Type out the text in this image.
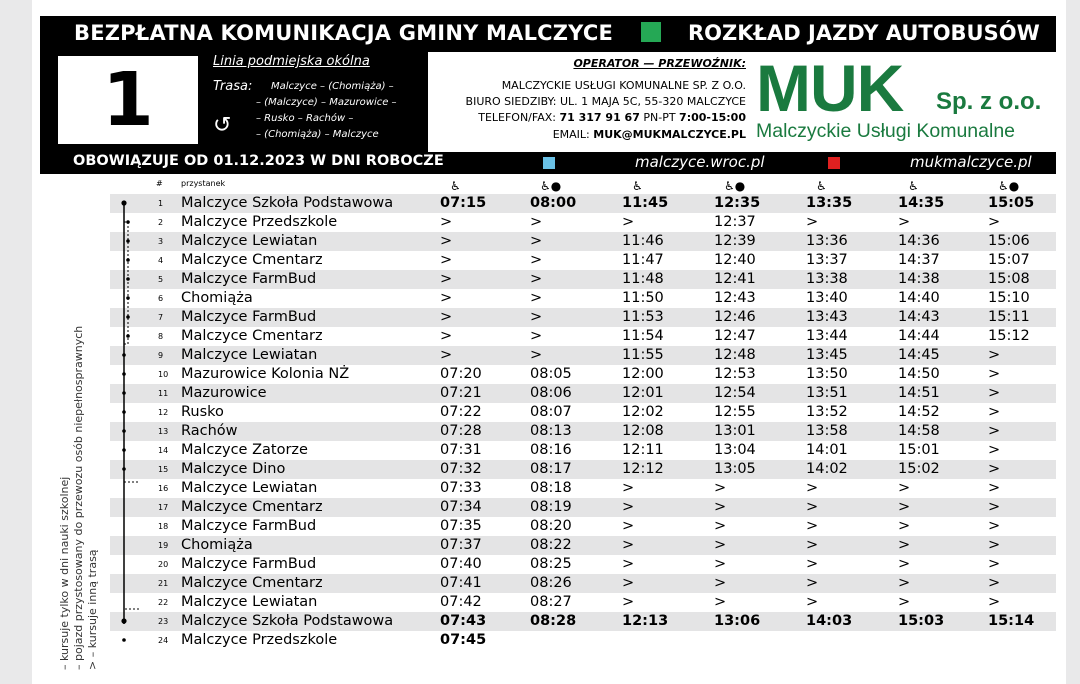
BEZPŁATNA KOMUNIKACJA GMINY MALCZYCE	ROZKŁAD JAZDY AUTOBUSÓW
1	Linia podmiejska okólna
Trasa: Malczyce – (Chomiąża) –
– (Malczyce) – Mazurowice –
– Rusko – Rachów –
– (Chomiąża) – Malczyce
↺
OPERATOR — PRZEWOŹNIK:
MALCZYCKIE USŁUGI KOMUNALNE SP. Z O.O.
BIURO SIEDZIBY: UL. 1 MAJA 5C, 55-320 MALCZYCE
TELEFON/FAX: 71 317 91 67 PN-PT 7:00-15:00
EMAIL: MUK@MUKMALCZYCE.PL
MUK Sp. z o.o.
Malczyckie Usługi Komunalne
OBOWIĄZUJE OD 01.12.2023 W DNI ROBOCZE	malczyce.wroc.pl	mukmalczyce.pl
# przystanek	♿	♿●	♿	♿●	♿	♿	♿●
1 Malczyce Szkoła Podstawowa	07:15	08:00	11:45	12:35	13:35	14:35	15:05
2 Malczyce Przedszkole	>	>	>	12:37	>	>	>
3 Malczyce Lewiatan	>	>	11:46	12:39	13:36	14:36	15:06
4 Malczyce Cmentarz	>	>	11:47	12:40	13:37	14:37	15:07
5 Malczyce FarmBud	>	>	11:48	12:41	13:38	14:38	15:08
6 Chomiąża	>	>	11:50	12:43	13:40	14:40	15:10
7 Malczyce FarmBud	>	>	11:53	12:46	13:43	14:43	15:11
8 Malczyce Cmentarz	>	>	11:54	12:47	13:44	14:44	15:12
9 Malczyce Lewiatan	>	>	11:55	12:48	13:45	14:45	>
10 Mazurowice Kolonia NŻ	07:20	08:05	12:00	12:53	13:50	14:50	>
11 Mazurowice	07:21	08:06	12:01	12:54	13:51	14:51	>
12 Rusko	07:22	08:07	12:02	12:55	13:52	14:52	>
13 Rachów	07:28	08:13	12:08	13:01	13:58	14:58	>
14 Malczyce Zatorze	07:31	08:16	12:11	13:04	14:01	15:01	>
15 Malczyce Dino	07:32	08:17	12:12	13:05	14:02	15:02	>
16 Malczyce Lewiatan	07:33	08:18	>	>	>	>	>
17 Malczyce Cmentarz	07:34	08:19	>	>	>	>	>
18 Malczyce FarmBud	07:35	08:20	>	>	>	>	>
19 Chomiąża	07:37	08:22	>	>	>	>	>
20 Malczyce FarmBud	07:40	08:25	>	>	>	>	>
21 Malczyce Cmentarz	07:41	08:26	>	>	>	>	>
22 Malczyce Lewiatan	07:42	08:27	>	>	>	>	>
23 Malczyce Szkoła Podstawowa	07:43	08:28	12:13	13:06	14:03	15:03	15:14
24 Malczyce Przedszkole	07:45
– kursuje tylko w dni nauki szkolnej – pojazd przystosowany do przewozu osób niepełnosprawnych > – kursuje inną trasą
